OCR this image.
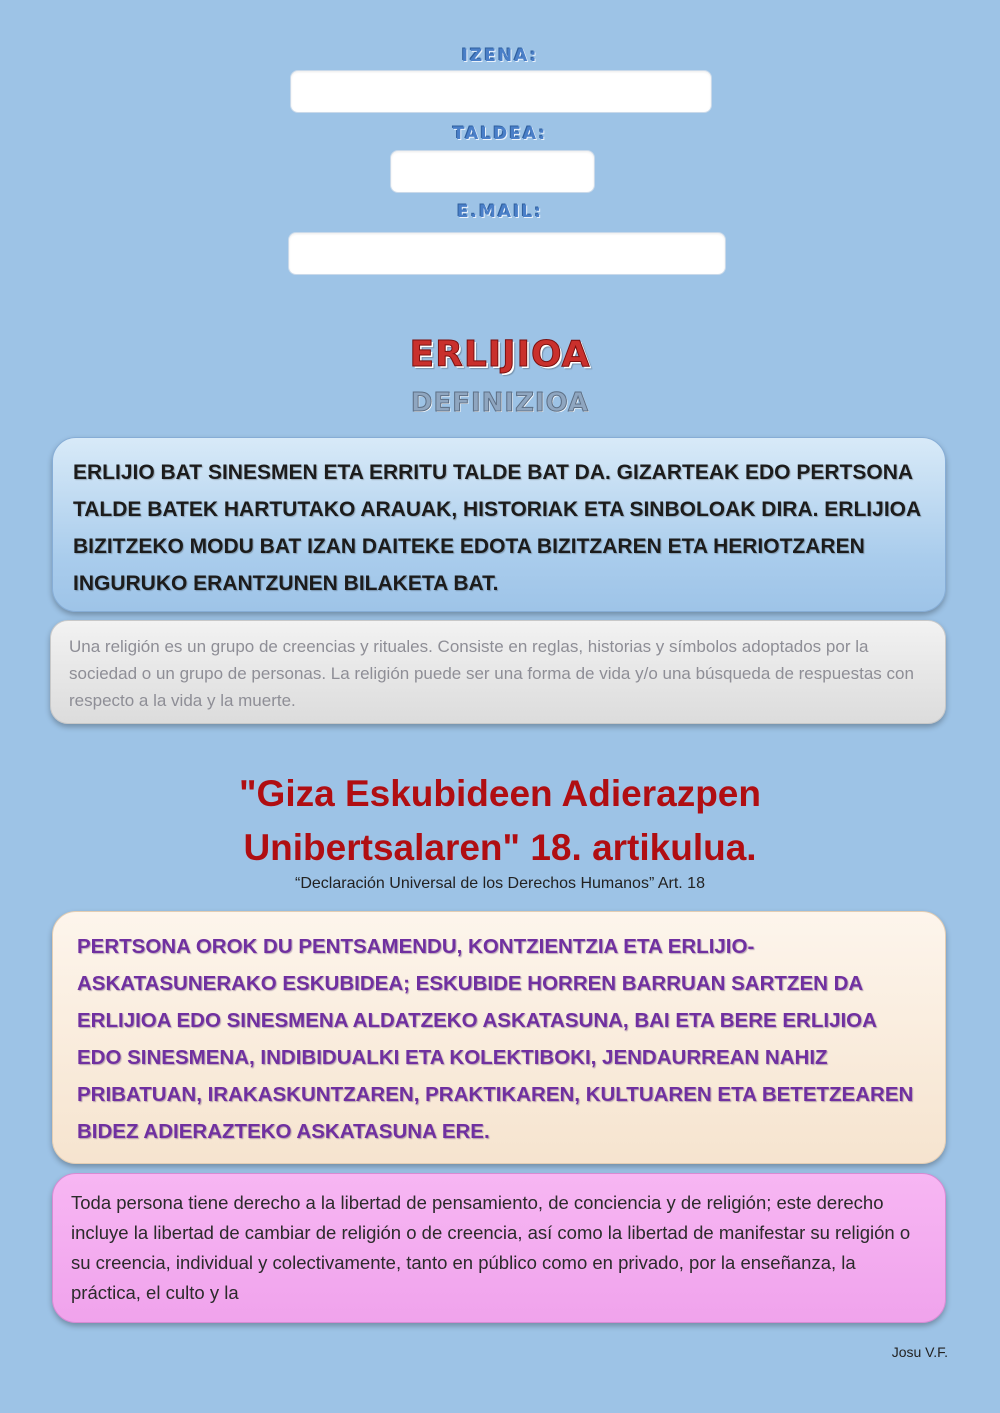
IZENA:
TALDEA:
E.MAIL:
ERLIJIOA
DEFINIZIOA

ERLIJIO BAT SINESMEN ETA ERRITU TALDE BAT DA. GIZARTEAK EDO PERTSONA TALDE BATEK HARTUTAKO ARAUAK, HISTORIAK ETA SINBOLOAK DIRA. ERLIJIOA BIZITZEKO MODU BAT IZAN DAITEKE EDOTA BIZITZAREN ETA HERIOTZAREN INGURUKO ERANTZUNEN BILAKETA BAT.

Una religión es un grupo de creencias y rituales. Consiste en reglas, historias y símbolos adoptados por la sociedad o un grupo de personas. La religión puede ser una forma de vida y/o una búsqueda de respuestas con respecto a la vida y la muerte.

"Giza Eskubideen Adierazpen
Unibertsalaren" 18. artikulua.
“Declaración Universal de los Derechos Humanos” Art. 18

PERTSONA OROK DU PENTSAMENDU, KONTZIENTZIA ETA ERLIJIO-ASKATASUNERAKO ESKUBIDEA; ESKUBIDE HORREN BARRUAN SARTZEN DA ERLIJIOA EDO SINESMENA ALDATZEKO ASKATASUNA, BAI ETA BERE ERLIJIOA EDO SINESMENA, INDIBIDUALKI ETA KOLEKTIBOKI, JENDAURREAN NAHIZ PRIBATUAN, IRAKASKUNTZAREN, PRAKTIKAREN, KULTUAREN ETA BETETZEAREN BIDEZ ADIERAZTEKO ASKATASUNA ERE.

Toda persona tiene derecho a la libertad de pensamiento, de conciencia y de religión; este derecho incluye la libertad de cambiar de religión o de creencia, así como la libertad de manifestar su religión o su creencia, individual y colectivamente, tanto en público como en privado, por la enseñanza, la práctica, el culto y la

Josu V.F.
